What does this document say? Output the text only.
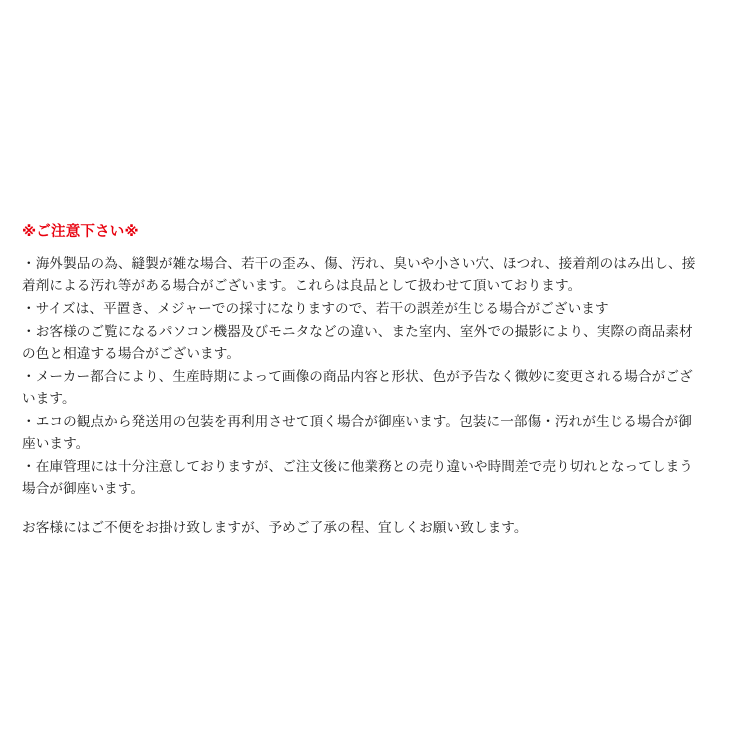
※ご注意下さい※
・海外製品の為、縫製が雑な場合、若干の歪み、傷、汚れ、臭いや小さい穴、ほつれ、接着剤のはみ出し、接着剤による汚れ等がある場合がございます。これらは良品として扱わせて頂いております。
・サイズは、平置き、メジャーでの採寸になりますので、若干の誤差が生じる場合がございます
・お客様のご覧になるパソコン機器及びモニタなどの違い、また室内、室外での撮影により、実際の商品素材の色と相違する場合がございます。
・メーカー都合により、生産時期によって画像の商品内容と形状、色が予告なく微妙に変更される場合がございます。
・エコの観点から発送用の包装を再利用させて頂く場合が御座います。包装に一部傷・汚れが生じる場合が御座います。
・在庫管理には十分注意しておりますが、ご注文後に他業務との売り違いや時間差で売り切れとなってしまう場合が御座います。
お客様にはご不便をお掛け致しますが、予めご了承の程、宜しくお願い致します。
